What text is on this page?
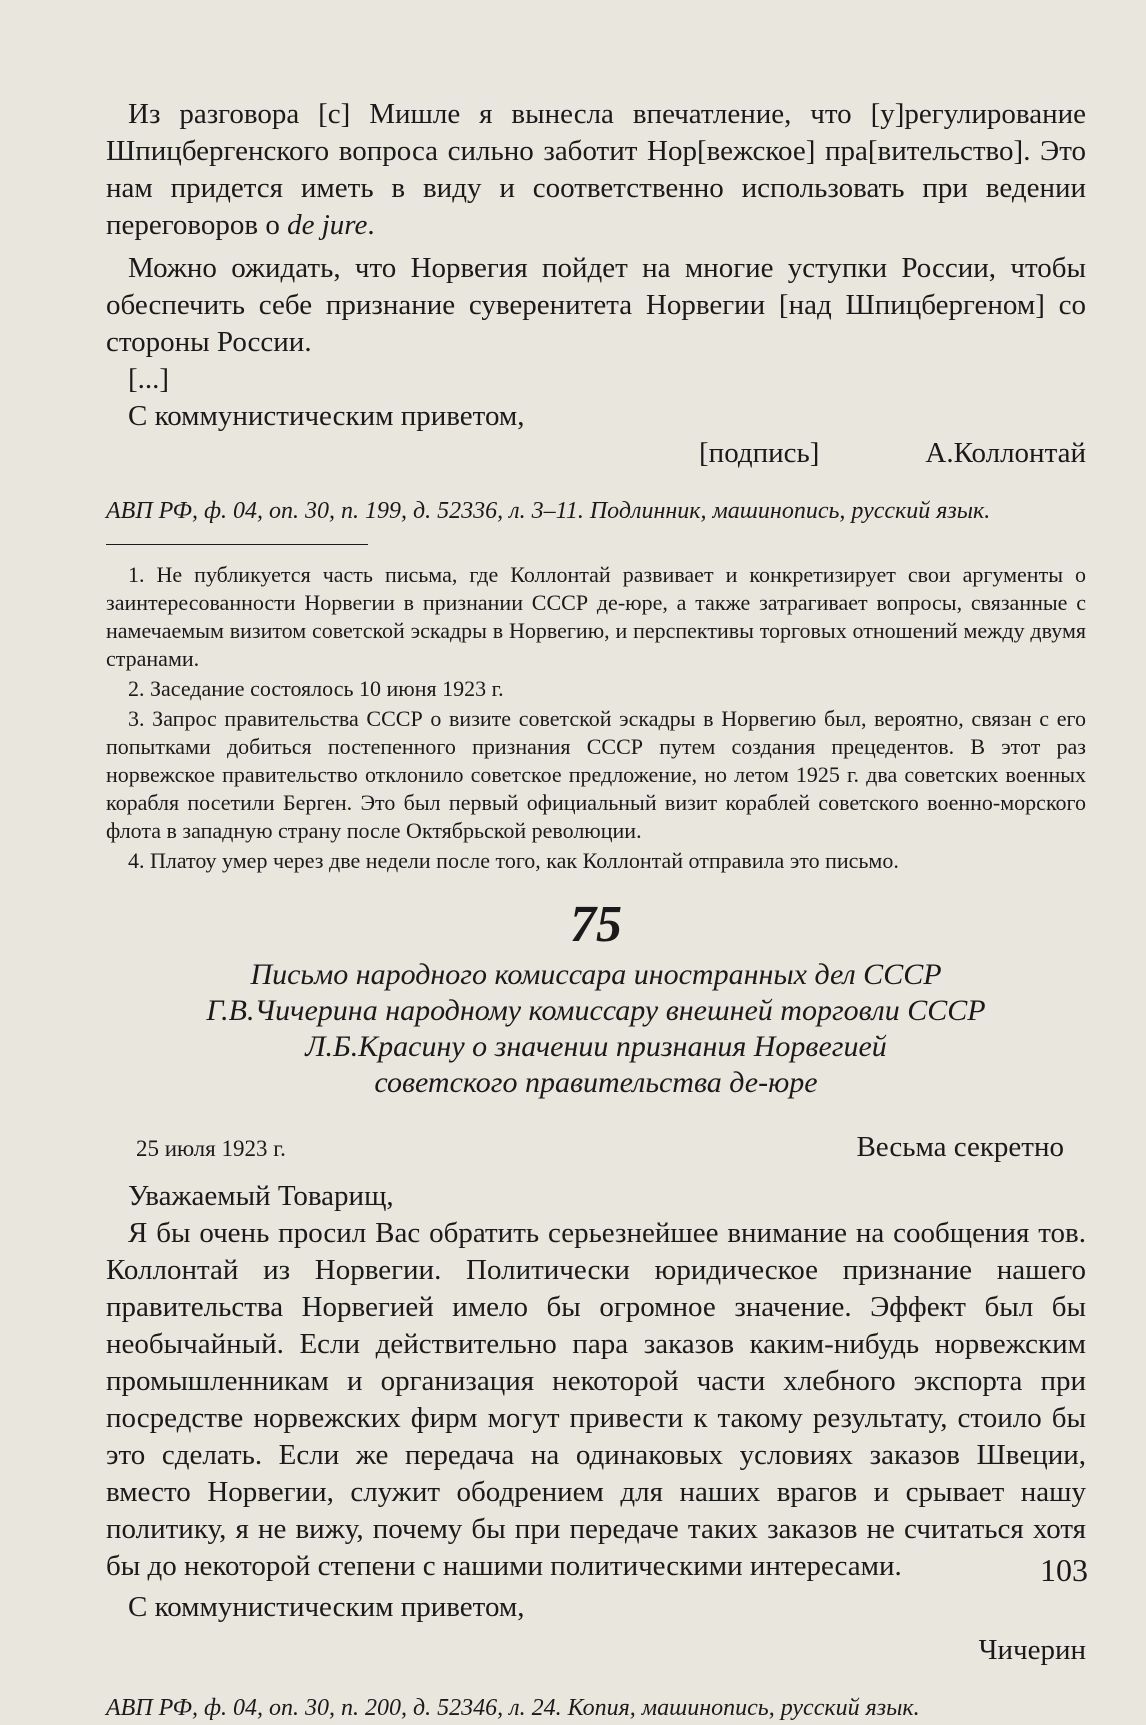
Из разговора [с] Мишле я вынесла впечатление, что [у]регулирование Шпицбергенского вопроса сильно заботит Нор[вежское] пра[вительство]. Это нам придется иметь в виду и соответственно использовать при ведении переговоров о de jure.

Можно ожидать, что Норвегия пойдет на многие уступки России, чтобы обеспечить себе признание суверенитета Норвегии [над Шпицбергеном] со стороны России.

[...]

С коммунистическим приветом,

[подпись]	А.Коллонтай
АВП РФ, ф. 04, оп. 30, п. 199, д. 52336, л. 3–11. Подлинник, машинопись, русский язык.

1. Не публикуется часть письма, где Коллонтай развивает и конкретизирует свои аргументы о заинтересованности Норвегии в признании СССР де-юре, а также затрагивает вопросы, связанные с намечаемым визитом советской эскадры в Норвегию, и перспективы торговых отношений между двумя странами.

2. Заседание состоялось 10 июня 1923 г.

3. Запрос правительства СССР о визите советской эскадры в Норвегию был, вероятно, связан с его попытками добиться постепенного признания СССР путем создания прецедентов. В этот раз норвежское правительство отклонило советское предложение, но летом 1925 г. два советских военных корабля посетили Берген. Это был первый официальный визит кораблей советского военно-морского флота в западную страну после Октябрьской революции.

4. Платоу умер через две недели после того, как Коллонтай отправила это письмо.

75
Письмо народного комиссара иностранных дел СССР
Г.В.Чичерина народному комиссару внешней торговли СССР
Л.Б.Красину о значении признания Норвегией
советского правительства де-юре
25 июля 1923 г.	Весьма секретно

Уважаемый Товарищ,

Я бы очень просил Вас обратить серьезнейшее внимание на сообщения тов. Коллонтай из Норвегии. Политически юридическое признание нашего правительства Норвегией имело бы огромное значение. Эффект был бы необычайный. Если действительно пара заказов каким-нибудь норвежским промышленникам и организация некоторой части хлебного экспорта при посредстве норвежских фирм могут привести к такому результату, стоило бы это сделать. Если же передача на одинаковых условиях заказов Швеции, вместо Норвегии, служит ободрением для наших врагов и срывает нашу политику, я не вижу, почему бы при передаче таких заказов не считаться хотя бы до некоторой степени с нашими политическими интересами.

С коммунистическим приветом,

Чичерин
АВП РФ, ф. 04, оп. 30, п. 200, д. 52346, л. 24. Копия, машинопись, русский язык.
103
